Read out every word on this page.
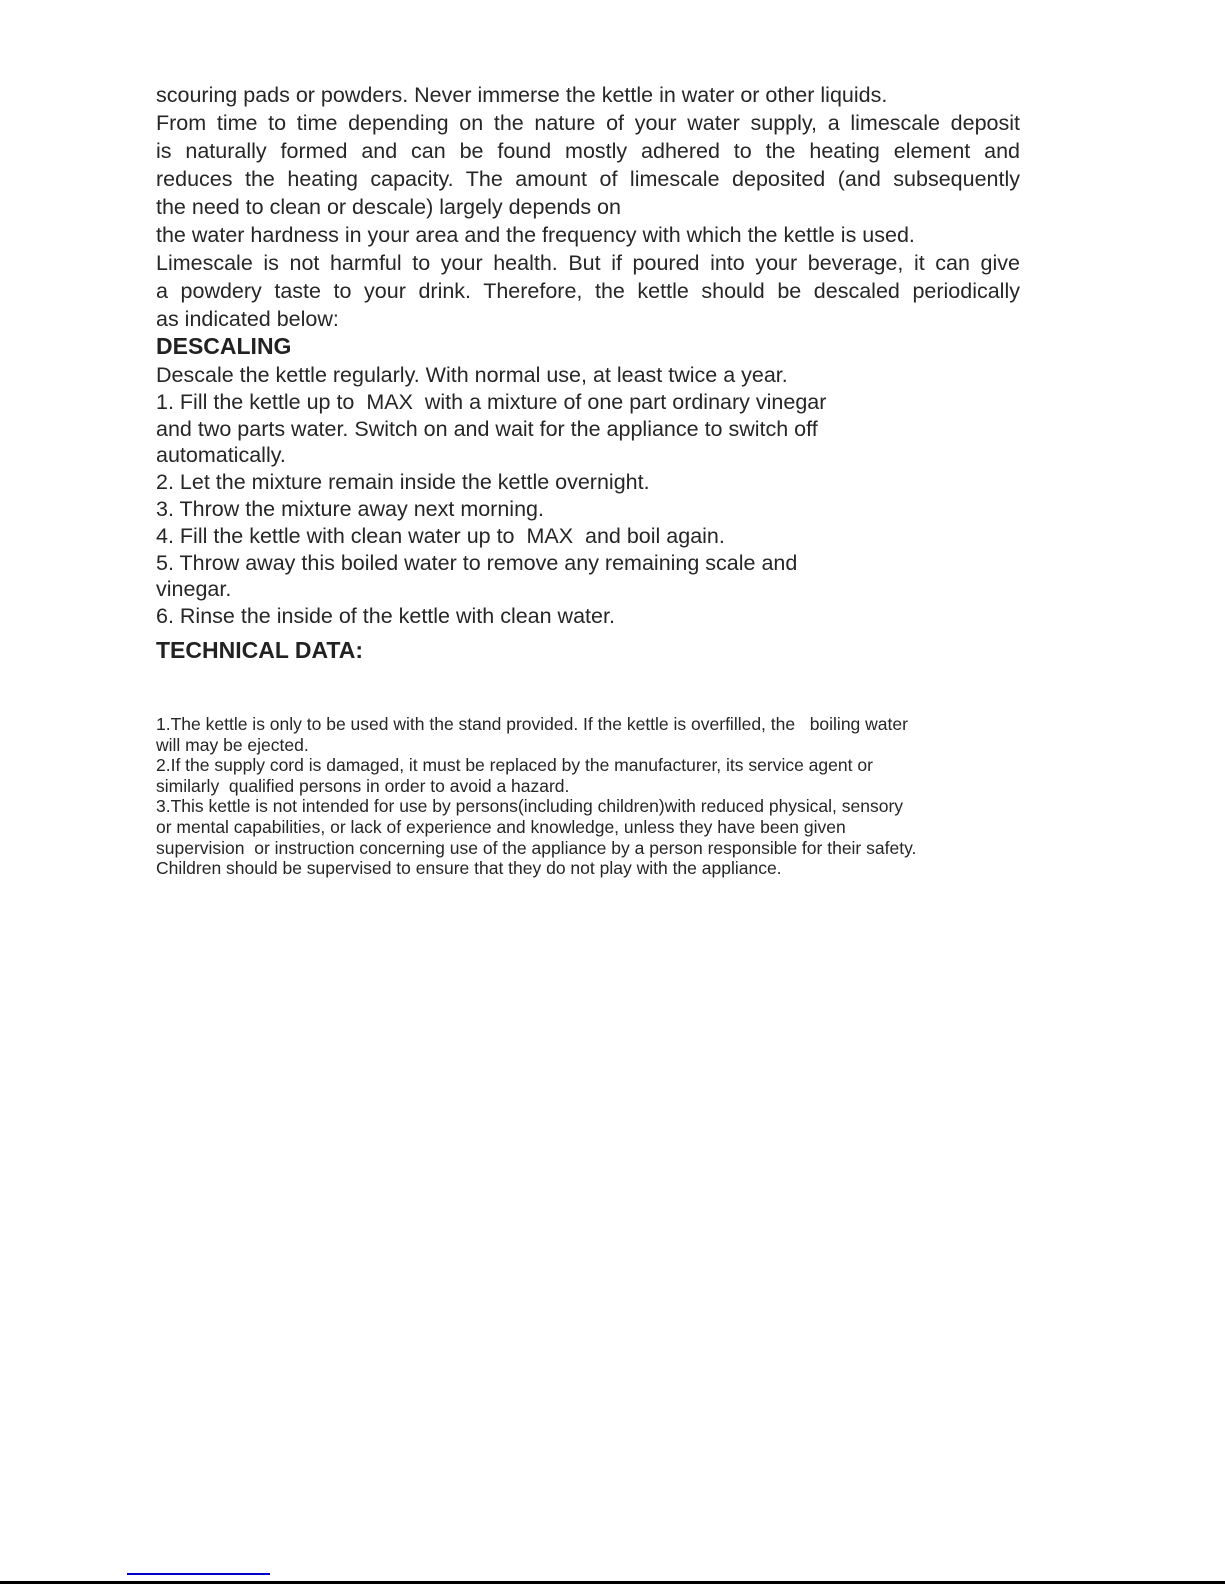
scouring pads or powders. Never immerse the kettle in water or other liquids.
From time to time depending on the nature of your water supply, a limescale deposit
is naturally formed and can be found mostly adhered to the heating element and
reduces the heating capacity. The amount of limescale deposited (and subsequently
the need to clean or descale) largely depends on
the water hardness in your area and the frequency with which the kettle is used.
Limescale is not harmful to your health. But if poured into your beverage, it can give
a powdery taste to your drink. Therefore, the kettle should be descaled periodically
as indicated below:
DESCALING
Descale the kettle regularly. With normal use, at least twice a year.
1. Fill the kettle up to  MAX  with a mixture of one part ordinary vinegar
and two parts water. Switch on and wait for the appliance to switch off
automatically.
2. Let the mixture remain inside the kettle overnight.
3. Throw the mixture away next morning.
4. Fill the kettle with clean water up to  MAX  and boil again.
5. Throw away this boiled water to remove any remaining scale and
vinegar.
6. Rinse the inside of the kettle with clean water.
TECHNICAL DATA:
1.The kettle is only to be used with the stand provided. If the kettle is overfilled, the   boiling water
will may be ejected.
2.If the supply cord is damaged, it must be replaced by the manufacturer, its service agent or
similarly  qualified persons in order to avoid a hazard.
3.This kettle is not intended for use by persons(including children)with reduced physical, sensory
or mental capabilities, or lack of experience and knowledge, unless they have been given
supervision  or instruction concerning use of the appliance by a person responsible for their safety.
Children should be supervised to ensure that they do not play with the appliance.
